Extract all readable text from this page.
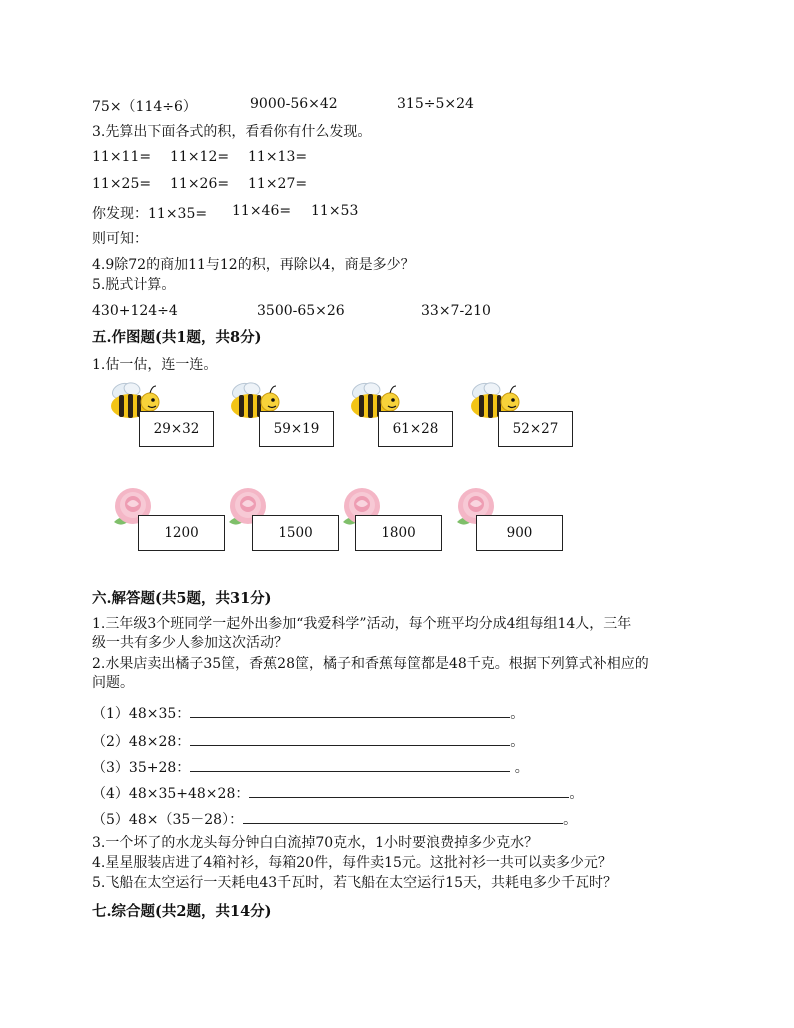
75×（114÷6）	9000-56×42	315÷5×24
3.先算出下面各式的积，看看你有什么发现。
11×11= 11×12= 11×13=
11×25= 11×26= 11×27=
你发现：11×35= 11×46= 11×53
则可知：
4.9除72的商加11与12的积，再除以4，商是多少？
5.脱式计算。
430+124÷4	3500-65×26	33×7-210
五.作图题(共1题，共8分)
1.估一估，连一连。
29×32	59×19	61×28	52×27
1200	1500	1800	900
六.解答题(共5题，共31分)
1.三年级3个班同学一起外出参加“我爱科学”活动，每个班平均分成4组每组14人，三年
级一共有多少人参加这次活动？
2.水果店卖出橘子35筐，香蕉28筐，橘子和香蕉每筐都是48千克。根据下列算式补相应的
问题。
（1）48×35：	。
（2）48×28：	。
（3）35+28：	。
（4）48×35+48×28：	。
（5）48×（35－28）：	。
3.一个坏了的水龙头每分钟白白流掉70克水，1小时要浪费掉多少克水？
4.星星服装店进了4箱衬衫，每箱20件，每件卖15元。这批衬衫一共可以卖多少元？
5.飞船在太空运行一天耗电43千瓦时，若飞船在太空运行15天，共耗电多少千瓦时？
七.综合题(共2题，共14分)
